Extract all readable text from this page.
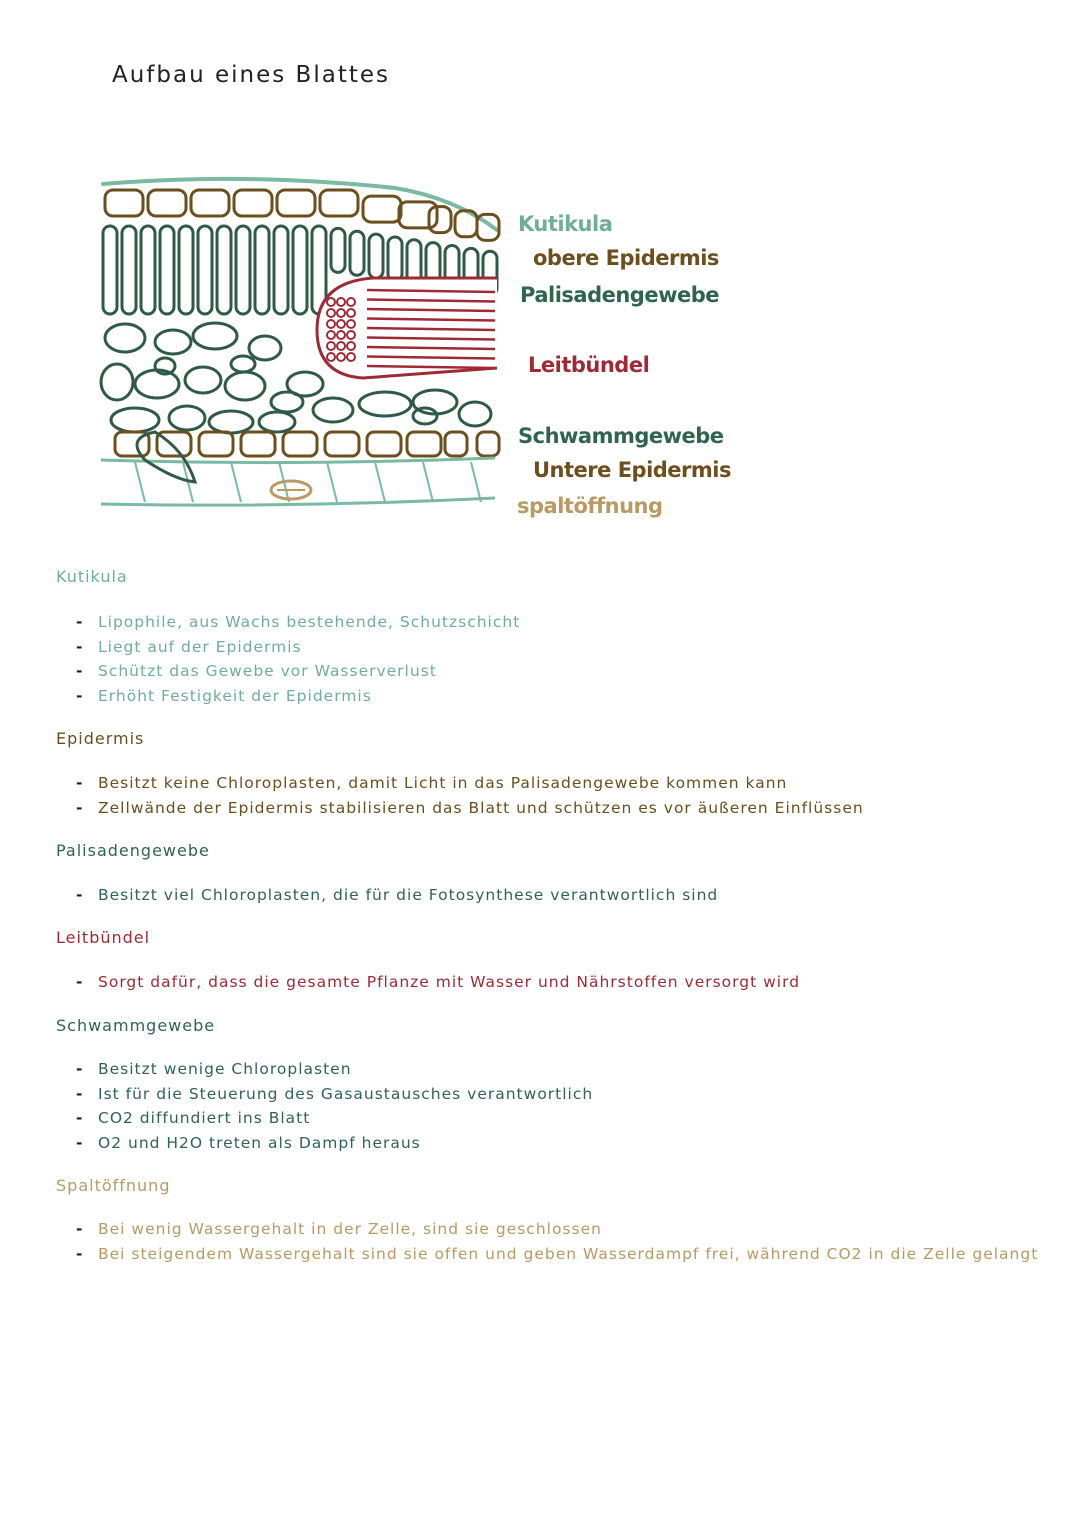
Aufbau eines Blattes
Kutikula
obere Epidermis
Palisadengewebe
Leitbündel
Schwammgewebe
Untere Epidermis
spaltöffnung
Kutikula
- Lipophile, aus Wachs bestehende, Schutzschicht
- Liegt auf der Epidermis
- Schützt das Gewebe vor Wasserverlust
- Erhöht Festigkeit der Epidermis
Epidermis
- Besitzt keine Chloroplasten, damit Licht in das Palisadengewebe kommen kann
- Zellwände der Epidermis stabilisieren das Blatt und schützen es vor äußeren Einflüssen
Palisadengewebe
- Besitzt viel Chloroplasten, die für die Fotosynthese verantwortlich sind
Leitbündel
- Sorgt dafür, dass die gesamte Pflanze mit Wasser und Nährstoffen versorgt wird
Schwammgewebe
- Besitzt wenige Chloroplasten
- Ist für die Steuerung des Gasaustausches verantwortlich
- CO2 diffundiert ins Blatt
- O2 und H2O treten als Dampf heraus
Spaltöffnung
- Bei wenig Wassergehalt in der Zelle, sind sie geschlossen
- Bei steigendem Wassergehalt sind sie offen und geben Wasserdampf frei, während CO2 in die Zelle gelangt
